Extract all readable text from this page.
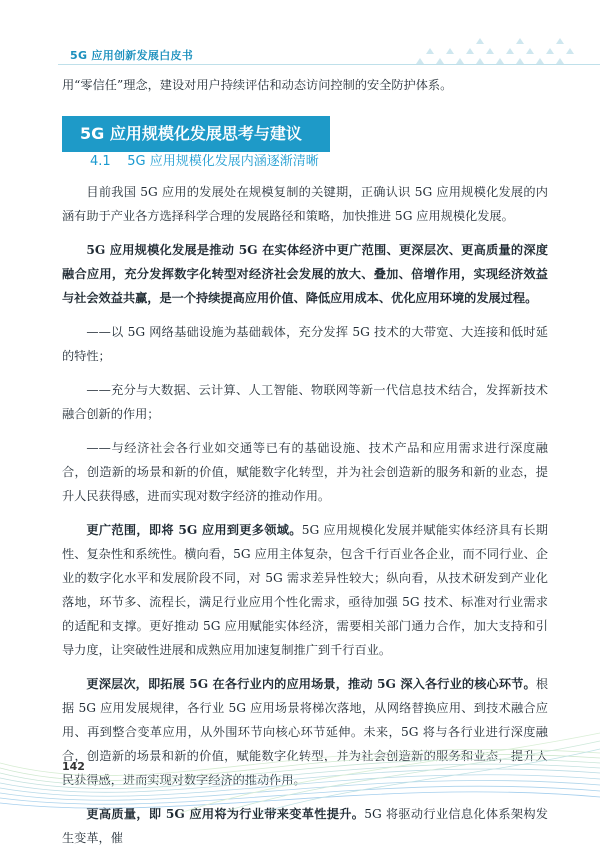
5G 应用创新发展白皮书

用“零信任”理念，建设对用户持续评估和动态访问控制的安全防护体系。

5G 应用规模化发展思考与建议
4.1 5G 应用规模化发展内涵逐渐清晰

目前我国 5G 应用的发展处在规模复制的关键期，正确认识 5G 应用规模化发展的内涵有助于产业各方选择科学合理的发展路径和策略，加快推进 5G 应用规模化发展。

5G 应用规模化发展是推动 5G 在实体经济中更广范围、更深层次、更高质量的深度融合应用，充分发挥数字化转型对经济社会发展的放大、叠加、倍增作用，实现经济效益与社会效益共赢，是一个持续提高应用价值、降低应用成本、优化应用环境的发展过程。

——以 5G 网络基础设施为基础载体，充分发挥 5G 技术的大带宽、大连接和低时延的特性；

——充分与大数据、云计算、人工智能、物联网等新一代信息技术结合，发挥新技术融合创新的作用；

——与经济社会各行业如交通等已有的基础设施、技术产品和应用需求进行深度融合，创造新的场景和新的价值，赋能数字化转型，并为社会创造新的服务和新的业态，提升人民获得感，进而实现对数字经济的推动作用。

更广范围，即将 5G 应用到更多领域。5G 应用规模化发展并赋能实体经济具有长期性、复杂性和系统性。横向看，5G 应用主体复杂，包含千行百业各企业，而不同行业、企业的数字化水平和发展阶段不同，对 5G 需求差异性较大；纵向看，从技术研发到产业化落地，环节多、流程长，满足行业应用个性化需求，亟待加强 5G 技术、标准对行业需求的适配和支撑。更好推动 5G 应用赋能实体经济，需要相关部门通力合作，加大支持和引导力度，让突破性进展和成熟应用加速复制推广到千行百业。

更深层次，即拓展 5G 在各行业内的应用场景，推动 5G 深入各行业的核心环节。根据 5G 应用发展规律，各行业 5G 应用场景将梯次落地，从网络替换应用、到技术融合应用、再到整合变革应用，从外围环节向核心环节延伸。未来，5G 将与各行业进行深度融合，创造新的场景和新的价值，赋能数字化转型，并为社会创造新的服务和业态，提升人民获得感，进而实现对数字经济的推动作用。

更高质量，即 5G 应用将为行业带来变革性提升。5G 将驱动行业信息化体系架构发生变革，催

142
